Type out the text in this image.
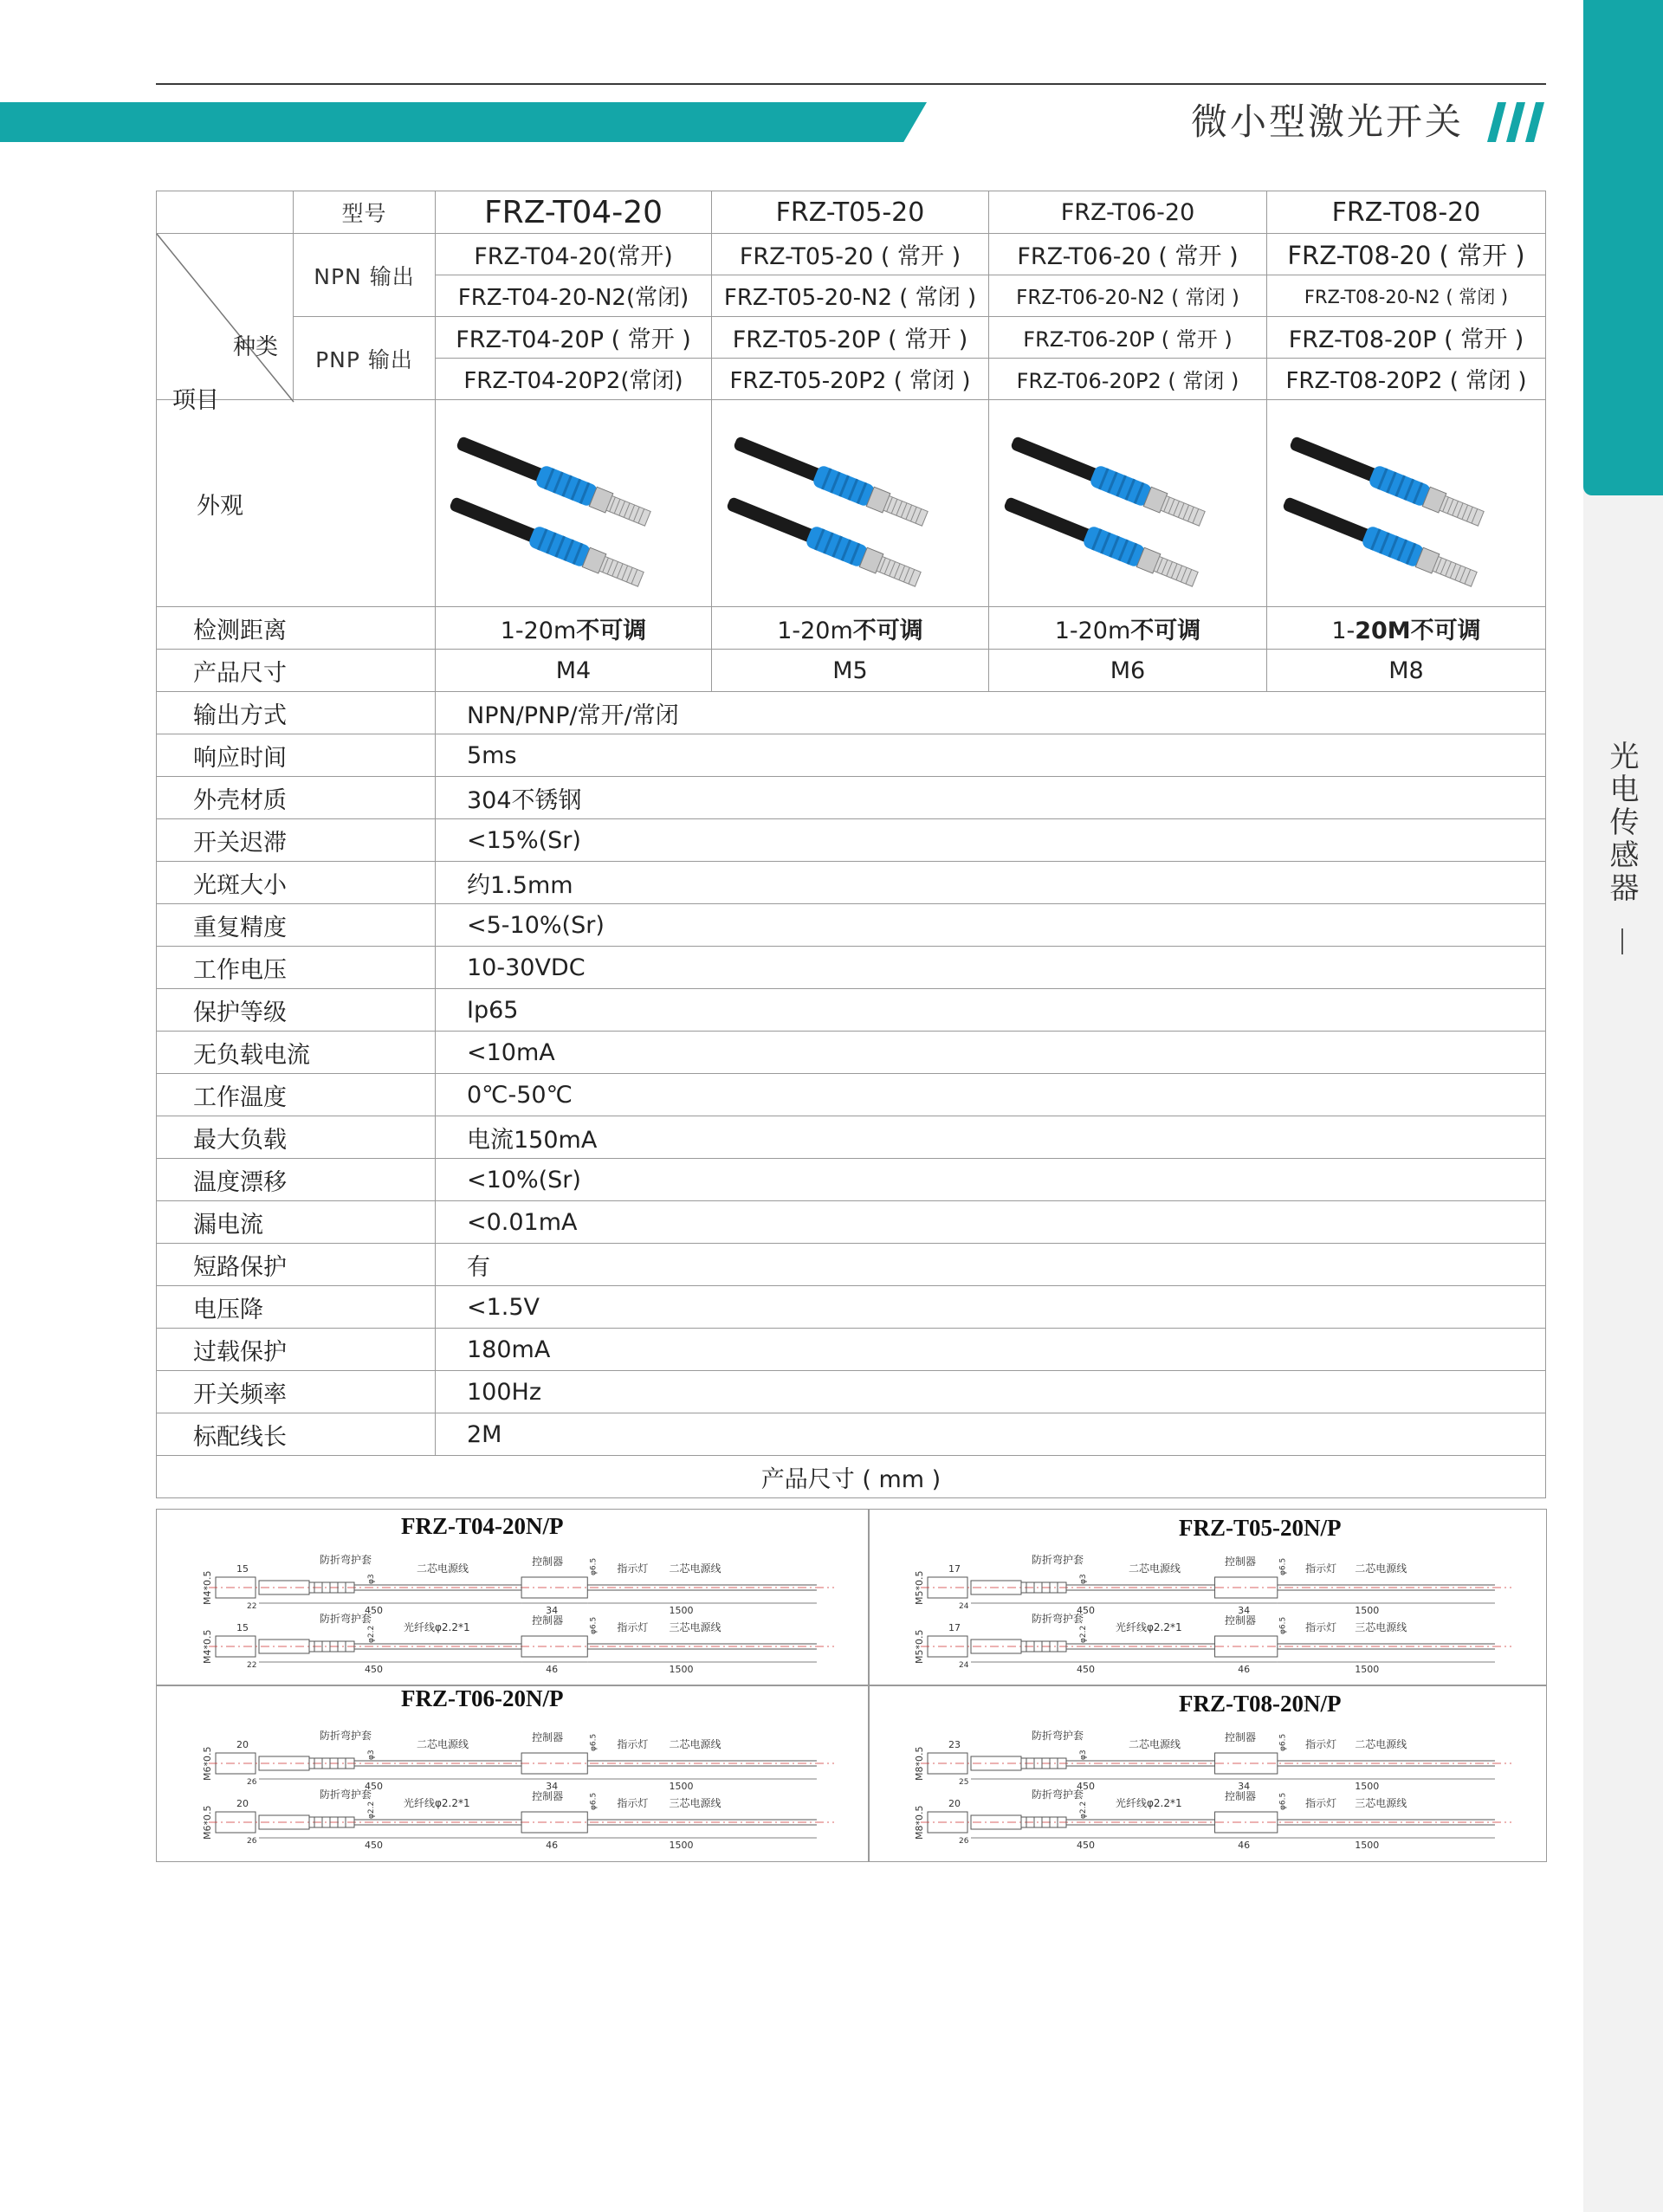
光电传感器
微小型激光开关
	型号	FRZ-T04-20	FRZ-T05-20	FRZ-T06-20	FRZ-T08-20

种类
项目	NPN 输出	FRZ-T04-20(常开)	FRZ-T05-20 ( 常开 )	FRZ-T06-20 ( 常开 )	FRZ-T08-20 ( 常开 )
		FRZ-T04-20-N2(常闭)	FRZ-T05-20-N2 ( 常闭 )	FRZ-T06-20-N2 ( 常闭 )	FRZ-T08-20-N2 ( 常闭 )
	PNP 输出	FRZ-T04-20P ( 常开 )	FRZ-T05-20P ( 常开 )	FRZ-T06-20P ( 常开 )	FRZ-T08-20P ( 常开 )
		FRZ-T04-20P2(常闭)	FRZ-T05-20P2 ( 常闭 )	FRZ-T06-20P2 ( 常闭 )	FRZ-T08-20P2 ( 常闭 )
外观				
检测距离		1-20m不可调	1-20m不可调	1-20m不可调	1-20M不可调
产品尺寸		M4	M5	M6	M8
输出方式		NPN/PNP/常开/常闭			
响应时间		5ms			
外壳材质		304不锈钢			
开关迟滞		<15%(Sr)			
光斑大小		约1.5mm			
重复精度		<5-10%(Sr)			
工作电压		10-30VDC			
保护等级		Ip65			
无负载电流		<10mA			
工作温度		0℃-50℃			
最大负载		电流150mA			
温度漂移		<10%(Sr)			
漏电流		<0.01mA			
短路保护		有			
电压降		<1.5V			
过载保护		180mA			
开关频率		100Hz			
标配线长		2M			
产品尺寸 ( mm )					
M4*0.5
15
22
防折弯护套
φ3
二芯电源线
控制器	φ6.5 指示灯 二芯电源线
450	34	1500
M4*0.5
15
22
防折弯护套
φ2.2	光纤线φ2.2*1
控制器	φ6.5 指示灯 三芯电源线
450	46	1500
FRZ-T04-20N/P
M5*0.5
17
24
防折弯护套
φ3
二芯电源线
控制器	φ6.5 指示灯 二芯电源线
450	34	1500
M5*0.5
17
24
防折弯护套
φ2.2	光纤线φ2.2*1
控制器	φ6.5 指示灯 三芯电源线
450	46	1500
FRZ-T05-20N/P
M6*0.5
20
26
防折弯护套
φ3
二芯电源线
控制器	φ6.5 指示灯 二芯电源线
450	34	1500
M6*0.5
20
26
防折弯护套
φ2.2	光纤线φ2.2*1
控制器	φ6.5 指示灯 三芯电源线
450	46	1500
FRZ-T06-20N/P
M8*0.5
23
25
防折弯护套
φ3
二芯电源线
控制器	φ6.5 指示灯 二芯电源线
450	34	1500
M8*0.5
20
26
防折弯护套
φ2.2	光纤线φ2.2*1
控制器	φ6.5 指示灯 三芯电源线
450	46	1500
FRZ-T08-20N/P
